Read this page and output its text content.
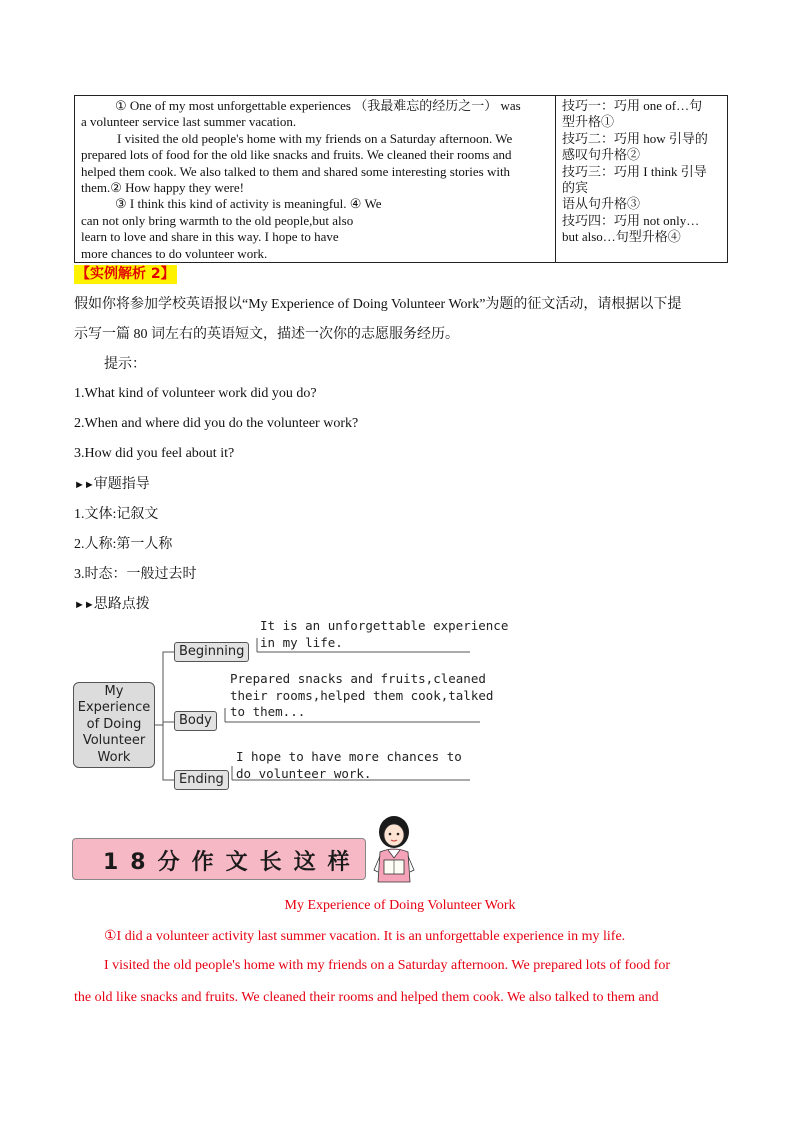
① One of my most unforgettable experiences （我最难忘的经历之一） was
a volunteer service last summer vacation.
I visited the old people's home with my friends on a Saturday afternoon. We
prepared lots of food for the old like snacks and fruits. We cleaned their rooms and
helped them cook. We also talked to them and shared some interesting stories with
them.② How happy they were!
③ I think this kind of activity is meaningful. ④ We
can not only bring warmth to the old people,but also
learn to love and share in this way. I hope to have
more chances to do volunteer work.
技巧一：巧用 one of…句
型升格①
技巧二：巧用 how 引导的
感叹句升格②
技巧三：巧用 I think 引导
的宾
语从句升格③
技巧四：巧用 not only…
but also…句型升格④
【实例解析 2】
假如你将参加学校英语报以“My Experience of Doing Volunteer Work”为题的征文活动，请根据以下提
示写一篇 80 词左右的英语短文，描述一次你的志愿服务经历。
提示：
1.What kind of volunteer work did you do?
2.When and where did you do the volunteer work?
3.How did you feel about it?
►►审题指导
1.文体:记叙文
2.人称:第一人称
3.时态：一般过去时
►►思路点拨
My
Experience
of Doing
Volunteer
Work
Beginning
It is an unforgettable experience
in my life.
Body
Prepared snacks and fruits,cleaned
their rooms,helped them cook,talked
to them...
Ending
I hope to have more chances to
do volunteer work.
18分作文长这样
My Experience of Doing Volunteer Work
①I did a volunteer activity last summer vacation. It is an unforgettable experience in my life.
I visited the old people's home with my friends on a Saturday afternoon. We prepared lots of food for
the old like snacks and fruits. We cleaned their rooms and helped them cook. We also talked to them and
